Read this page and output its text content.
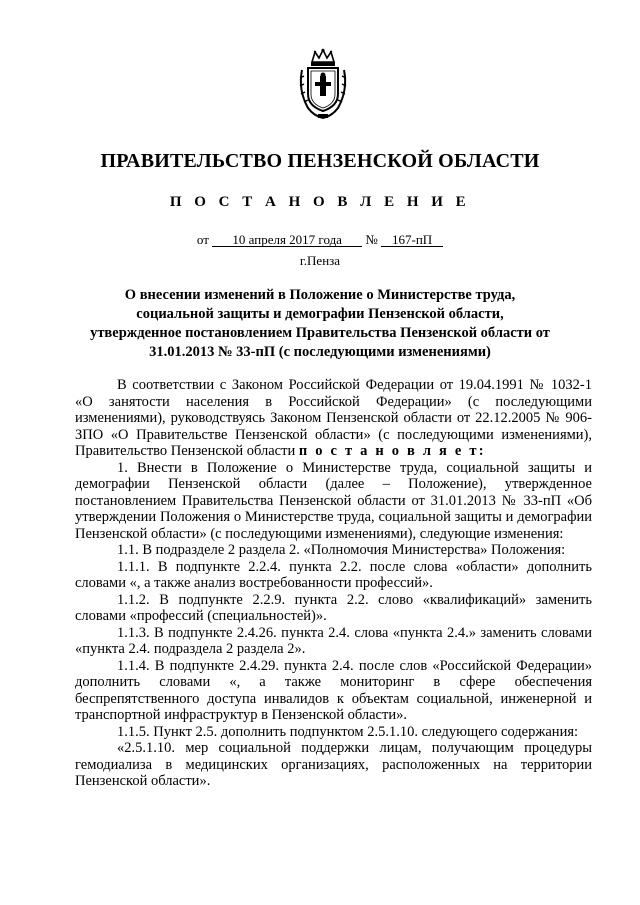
ПРАВИТЕЛЬСТВО ПЕНЗЕНСКОЙ ОБЛАСТИ
П О С Т А Н О В Л Е Н И Е
от 10 апреля 2017 года № 167-пП
г.Пенза
О внесении изменений в Положение о Министерстве труда, социальной защиты и демографии Пензенской области, утвержденное постановлением Правительства Пензенской области от 31.01.2013 № 33-пП (с последующими изменениями)

В соответствии с Законом Российской Федерации от 19.04.1991 № 1032-1 «О занятости населения в Российской Федерации» (с последующими изменениями), руководствуясь Законом Пензенской области от 22.12.2005 № 906-ЗПО «О Правительстве Пензенской области» (с последующими изменениями), Правительство Пензенской области п о с т а н о в л я е т:

1. Внести в Положение о Министерстве труда, социальной защиты и демографии Пензенской области (далее – Положение), утвержденное постановлением Правительства Пензенской области от 31.01.2013 № 33-пП «Об утверждении Положения о Министерстве труда, социальной защиты и демографии Пензенской области» (с последующими изменениями), следующие изменения:

1.1. В подразделе 2 раздела 2. «Полномочия Министерства» Положения:

1.1.1. В подпункте 2.2.4. пункта 2.2. после слова «области» дополнить словами «, а также анализ востребованности профессий».

1.1.2. В подпункте 2.2.9. пункта 2.2. слово «квалификаций» заменить словами «профессий (специальностей)».

1.1.3. В подпункте 2.4.26. пункта 2.4. слова «пункта 2.4.» заменить словами «пункта 2.4. подраздела 2 раздела 2».

1.1.4. В подпункте 2.4.29. пункта 2.4. после слов «Российской Федерации» дополнить словами «, а также мониторинг в сфере обеспечения беспрепятственного доступа инвалидов к объектам социальной, инженерной и транспортной инфраструктур в Пензенской области».

1.1.5. Пункт 2.5. дополнить подпунктом 2.5.1.10. следующего содержания:

«2.5.1.10. мер социальной поддержки лицам, получающим процедуры гемодиализа в медицинских организациях, расположенных на территории Пензенской области».
